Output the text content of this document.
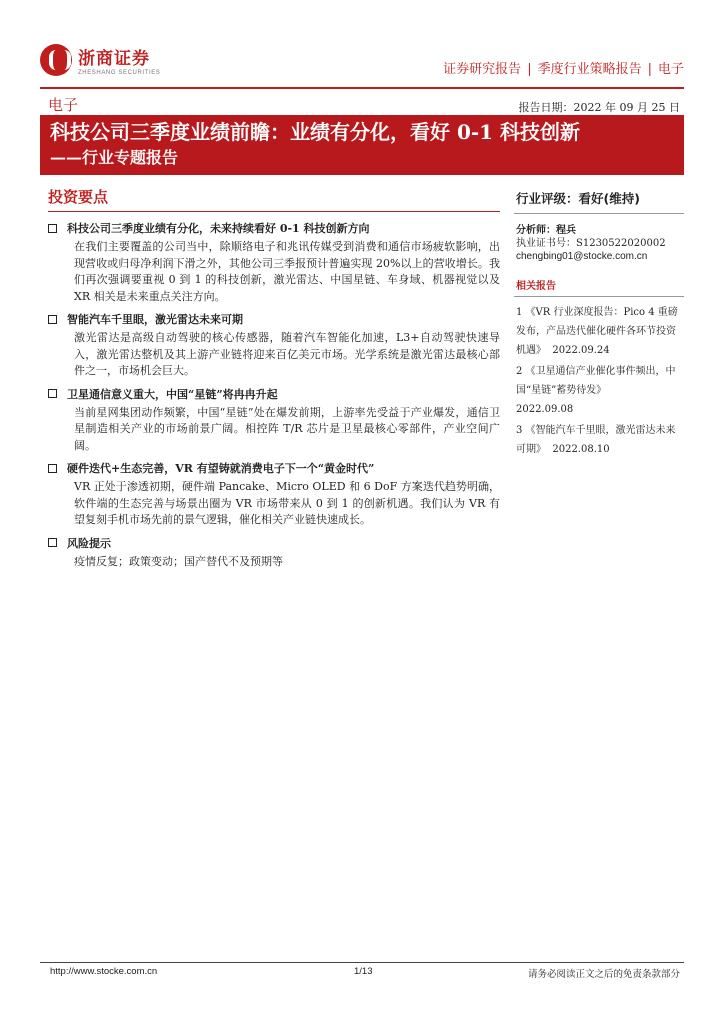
浙商证券
ZHESHANG SECURITIES	证券研究报告 | 季度行业策略报告 | 电子
电子	报告日期：2022 年 09 月 25 日
科技公司三季度业绩前瞻：业绩有分化，看好 0-1 科技创新
——行业专题报告
投资要点
科技公司三季度业绩有分化，未来持续看好 0-1 科技创新方向
在我们主要覆盖的公司当中，除顺络电子和兆讯传媒受到消费和通信市场疲软影响，出现营收或归母净利润下滑之外，其他公司三季报预计普遍实现 20%以上的营收增长。我们再次强调要重视 0 到 1 的科技创新，激光雷达、中国星链、车身域、机器视觉以及 XR 相关是未来重点关注方向。
智能汽车千里眼，激光雷达未来可期
激光雷达是高级自动驾驶的核心传感器，随着汽车智能化加速，L3+自动驾驶快速导入，激光雷达整机及其上游产业链将迎来百亿美元市场。光学系统是激光雷达最核心部件之一，市场机会巨大。
卫星通信意义重大，中国“星链”将冉冉升起
当前星网集团动作频繁，中国“星链”处在爆发前期，上游率先受益于产业爆发，通信卫星制造相关产业的市场前景广阔。相控阵 T/R 芯片是卫星最核心零部件，产业空间广阔。
硬件迭代+生态完善，VR 有望铸就消费电子下一个“黄金时代”
VR 正处于渗透初期，硬件端 Pancake、Micro OLED 和 6 DoF 方案迭代趋势明确，软件端的生态完善与场景出圈为 VR 市场带来从 0 到 1 的创新机遇。我们认为 VR 有望复刻手机市场先前的景气逻辑，催化相关产业链快速成长。
风险提示
疫情反复；政策变动；国产替代不及预期等
行业评级：看好(维持)
分析师：程兵
执业证书号：S1230522020002
chengbing01@stocke.com.cn
相关报告
1 《VR 行业深度报告：Pico 4 重磅发布，产品迭代催化硬件各环节投资机遇》 2022.09.24
2 《卫星通信产业催化事件频出，中国“星链”蓄势待发》
2022.09.08
3 《智能汽车千里眼，激光雷达未来可期》 2022.08.10
http://www.stocke.com.cn	1/13	请务必阅读正文之后的免责条款部分
